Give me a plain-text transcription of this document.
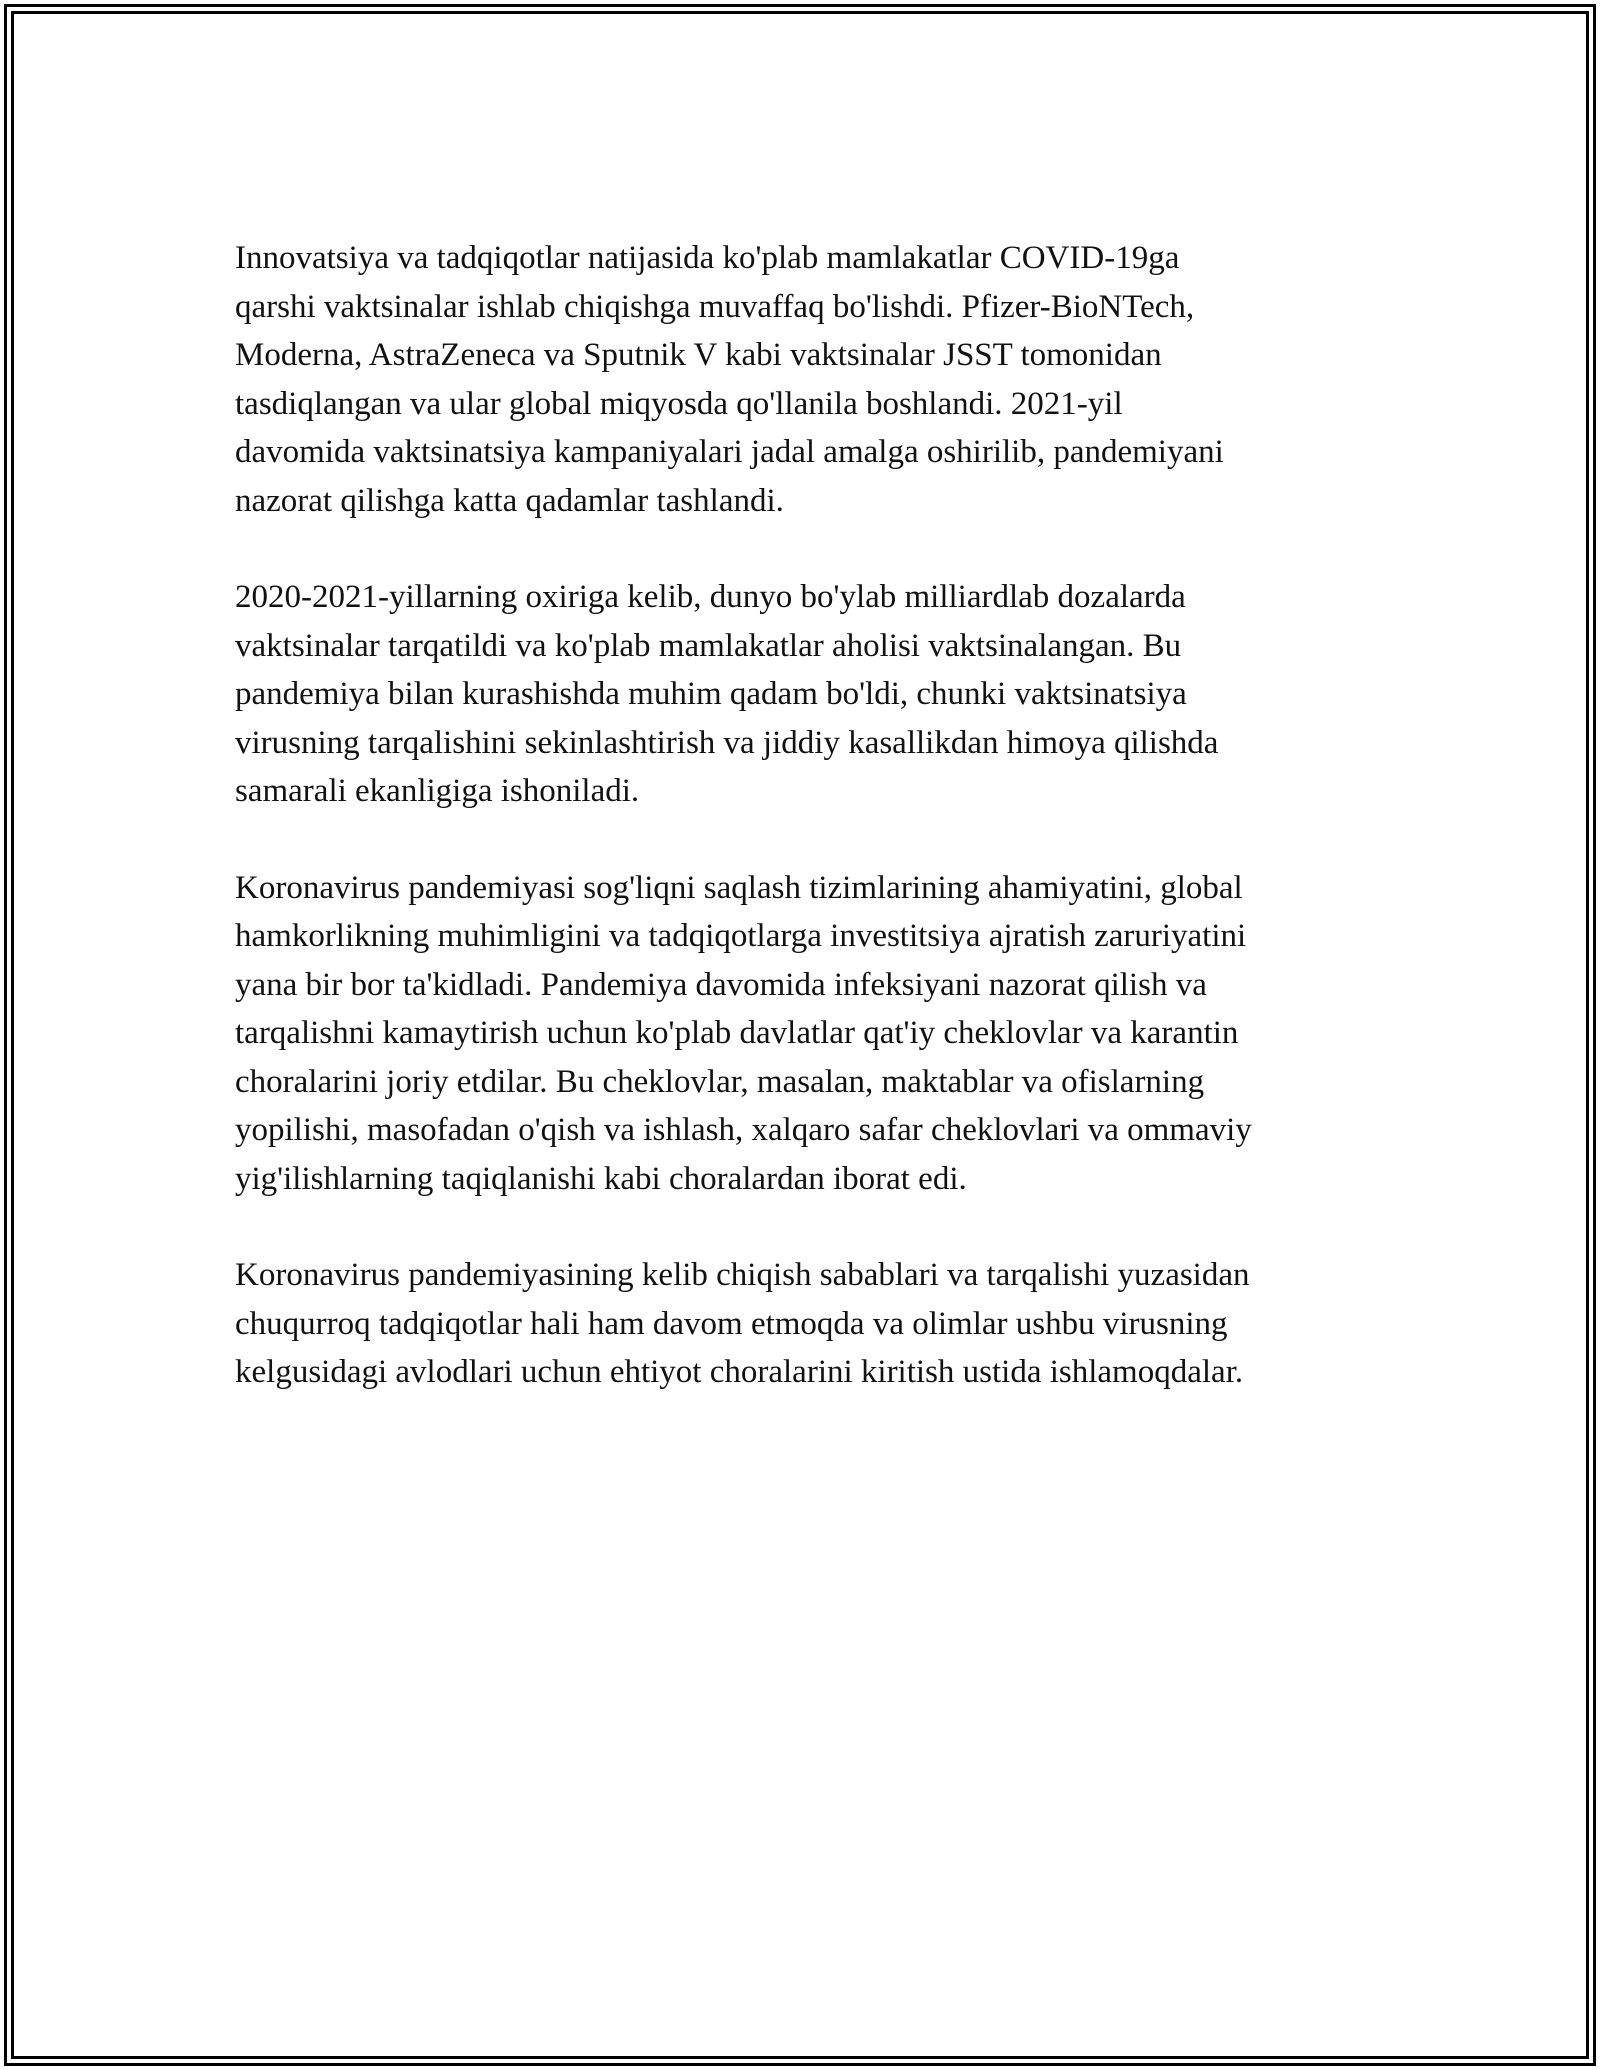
Innovatsiya va tadqiqotlar natijasida ko'plab mamlakatlar COVID-19ga
qarshi vaktsinalar ishlab chiqishga muvaffaq bo'lishdi. Pfizer-BioNTech,
Moderna, AstraZeneca va Sputnik V kabi vaktsinalar JSST tomonidan
tasdiqlangan va ular global miqyosda qo'llanila boshlandi. 2021-yil
davomida vaktsinatsiya kampaniyalari jadal amalga oshirilib, pandemiyani
nazorat qilishga katta qadamlar tashlandi.

2020-2021-yillarning oxiriga kelib, dunyo bo'ylab milliardlab dozalarda
vaktsinalar tarqatildi va ko'plab mamlakatlar aholisi vaktsinalangan. Bu
pandemiya bilan kurashishda muhim qadam bo'ldi, chunki vaktsinatsiya
virusning tarqalishini sekinlashtirish va jiddiy kasallikdan himoya qilishda
samarali ekanligiga ishoniladi.

Koronavirus pandemiyasi sog'liqni saqlash tizimlarining ahamiyatini, global
hamkorlikning muhimligini va tadqiqotlarga investitsiya ajratish zaruriyatini
yana bir bor ta'kidladi. Pandemiya davomida infeksiyani nazorat qilish va
tarqalishni kamaytirish uchun ko'plab davlatlar qat'iy cheklovlar va karantin
choralarini joriy etdilar. Bu cheklovlar, masalan, maktablar va ofislarning
yopilishi, masofadan o'qish va ishlash, xalqaro safar cheklovlari va ommaviy
yig'ilishlarning taqiqlanishi kabi choralardan iborat edi.

Koronavirus pandemiyasining kelib chiqish sabablari va tarqalishi yuzasidan
chuqurroq tadqiqotlar hali ham davom etmoqda va olimlar ushbu virusning
kelgusidagi avlodlari uchun ehtiyot choralarini kiritish ustida ishlamoqdalar.
